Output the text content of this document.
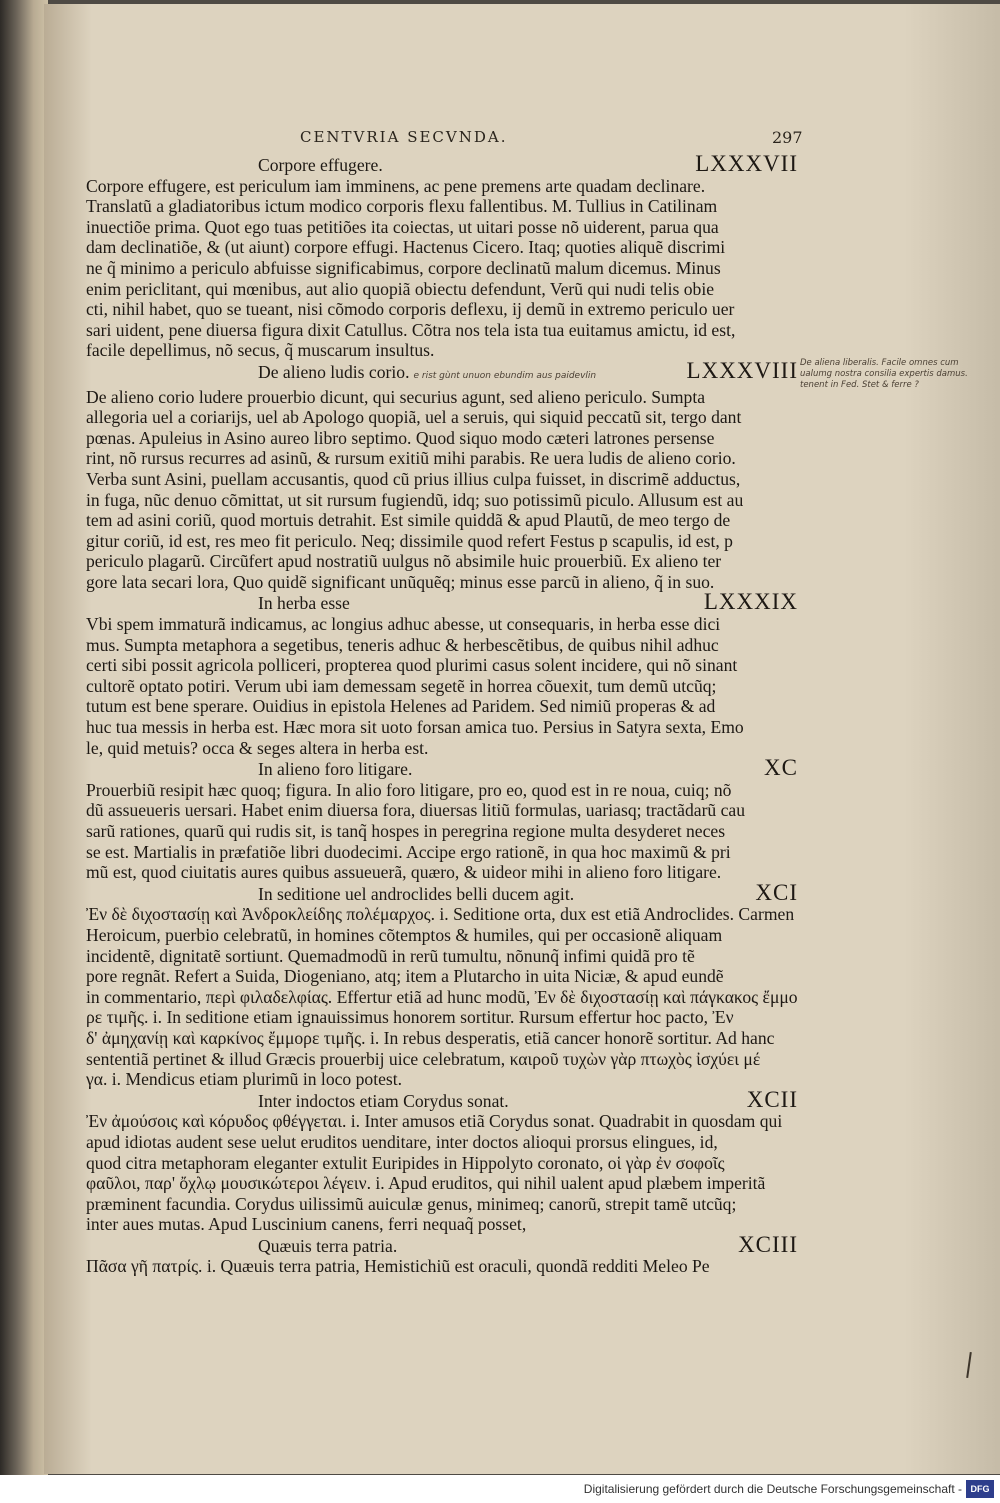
CENTVRIA SECVNDA.	297
Corpore effugere.	LXXXVII

Corpore effugere, est periculum iam imminens, ac pene premens arte quadam declinare.

Translatũ a gladiatoribus ictum modico corporis flexu fallentibus. M. Tullius in Catilinam

inuectiõe prima. Quot ego tuas petitiões ita coiectas, ut uitari posse nõ uiderent, parua qua

dam declinatiõe, & (ut aiunt) corpore effugi. Hactenus Cicero. Itaq; quoties aliquẽ discrimi

ne q̃ minimo a periculo abfuisse significabimus, corpore declinatũ malum dicemus. Minus

enim periclitant, qui mœnibus, aut alio quopiã obiectu defendunt, Verũ qui nudi telis obie

cti, nihil habet, quo se tueant, nisi cõmodo corporis deflexu, ij demũ in extremo periculo uer

sari uident, pene diuersa figura dixit Catullus. Cõtra nos tela ista tua euitamus amictu, id est,

facile depellimus, nõ secus, q̃ muscarum insultus.

De alieno ludis corio. e rist gùnt unuon ebundim aus paidevlin	LXXXVIII

De alieno corio ludere prouerbio dicunt, qui securius agunt, sed alieno periculo. Sumpta

allegoria uel a coriarijs, uel ab Apologo quopiã, uel a seruis, qui siquid peccatũ sit, tergo dant

pœnas. Apuleius in Asino aureo libro septimo. Quod siquo modo cæteri latrones persense

rint, nõ rursus recurres ad asinũ, & rursum exitiũ mihi parabis. Re uera ludis de alieno corio.

Verba sunt Asini, puellam accusantis, quod cũ prius illius culpa fuisset, in discrimẽ adductus,

in fuga, nũc denuo cõmittat, ut sit rursum fugiendũ, idq; suo potissimũ piculo. Allusum est au

tem ad asini coriũ, quod mortuis detrahit. Est simile quiddã & apud Plautũ, de meo tergo de

gitur coriũ, id est, res meo fit periculo. Neq; dissimile quod refert Festus p scapulis, id est, p

periculo plagarũ. Circũfert apud nostratiũ uulgus nõ absimile huic prouerbiũ. Ex alieno ter

gore lata secari lora, Quo quidẽ significant unũquẽq; minus esse parcũ in alieno, q̃ in suo.

In herba esse	LXXXIX

Vbi spem immaturã indicamus, ac longius adhuc abesse, ut consequaris, in herba esse dici

mus. Sumpta metaphora a segetibus, teneris adhuc & herbescẽtibus, de quibus nihil adhuc

certi sibi possit agricola polliceri, propterea quod plurimi casus solent incidere, qui nõ sinant

cultorẽ optato potiri. Verum ubi iam demessam segetẽ in horrea cõuexit, tum demũ utcũq;

tutum est bene sperare. Ouidius in epistola Helenes ad Paridem. Sed nimiũ properas & ad

huc tua messis in herba est. Hæc mora sit uoto forsan amica tuo. Persius in Satyra sexta, Emo

le, quid metuis? occa & seges altera in herba est.

In alieno foro litigare.	XC

Prouerbiũ resipit hæc quoq; figura. In alio foro litigare, pro eo, quod est in re noua, cuiq; nõ

dũ assueueris uersari. Habet enim diuersa fora, diuersas litiũ formulas, uariasq; tractãdarũ cau

sarũ rationes, quarũ qui rudis sit, is tanq̃ hospes in peregrina regione multa desyderet neces

se est. Martialis in præfatiõe libri duodecimi. Accipe ergo rationẽ, in qua hoc maximũ & pri

mũ est, quod ciuitatis aures quibus assueuerã, quæro, & uideor mihi in alieno foro litigare.

In seditione uel androclides belli ducem agit.	XCI

Ἐν δὲ διχοστασίῃ καὶ Ἀνδροκλείδης πολέμαρχος. i. Seditione orta, dux est etiã Androclides. Carmen

Heroicum, puerbio celebratũ, in homines cõtemptos & humiles, qui per occasionẽ aliquam

incidentẽ, dignitatẽ sortiunt. Quemadmodũ in rerũ tumultu, nõnunq̃ infimi quidã pro tẽ

pore regnãt. Refert a Suida, Diogeniano, atq; item a Plutarcho in uita Niciæ, & apud eundẽ

in commentario, περὶ φιλαδελφίας. Effertur etiã ad hunc modũ, Ἐν δὲ διχοστασίῃ καὶ πάγκακος ἔμμο

ρε τιμῆς. i. In seditione etiam ignauissimus honorem sortitur. Rursum effertur hoc pacto, Ἐν

δ' ἀμηχανίῃ καὶ καρκίνος ἔμμορε τιμῆς. i. In rebus desperatis, etiã cancer honorẽ sortitur. Ad hanc

sententiã pertinet & illud Græcis prouerbij uice celebratum, καιροῦ τυχὼν γὰρ πτωχὸς ἰσχύει μέ

γα. i. Mendicus etiam plurimũ in loco potest.

Inter indoctos etiam Corydus sonat.	XCII

Ἐν ἀμούσοις καὶ κόρυδος φθέγγεται. i. Inter amusos etiã Corydus sonat. Quadrabit in quosdam qui

apud idiotas audent sese uelut eruditos uenditare, inter doctos alioqui prorsus elingues, id,

quod citra metaphoram eleganter extulit Euripides in Hippolyto coronato, οἱ γὰρ ἐν σοφοῖς

φαῦλοι, παρ' ὄχλῳ μουσικώτεροι λέγειν. i. Apud eruditos, qui nihil ualent apud plæbem imperitã

præminent facundia. Corydus uilissimũ auiculæ genus, minimeq; canorũ, strepit tamẽ utcũq;

inter aues mutas. Apud Luscinium canens, ferri nequaq̃ posset,

Quæuis terra patria.	XCIII

Πᾶσα γῆ πατρίς. i. Quæuis terra patria, Hemistichiũ est oraculi, quondã redditi Meleo Pe

De aliena liberalis. Facile omnes cum ualumg nostra consilia expertis damus. tenent in Fed. Stet & ferre ?
Digitalisierung gefördert durch die Deutsche Forschungsgemeinschaft - DFG
